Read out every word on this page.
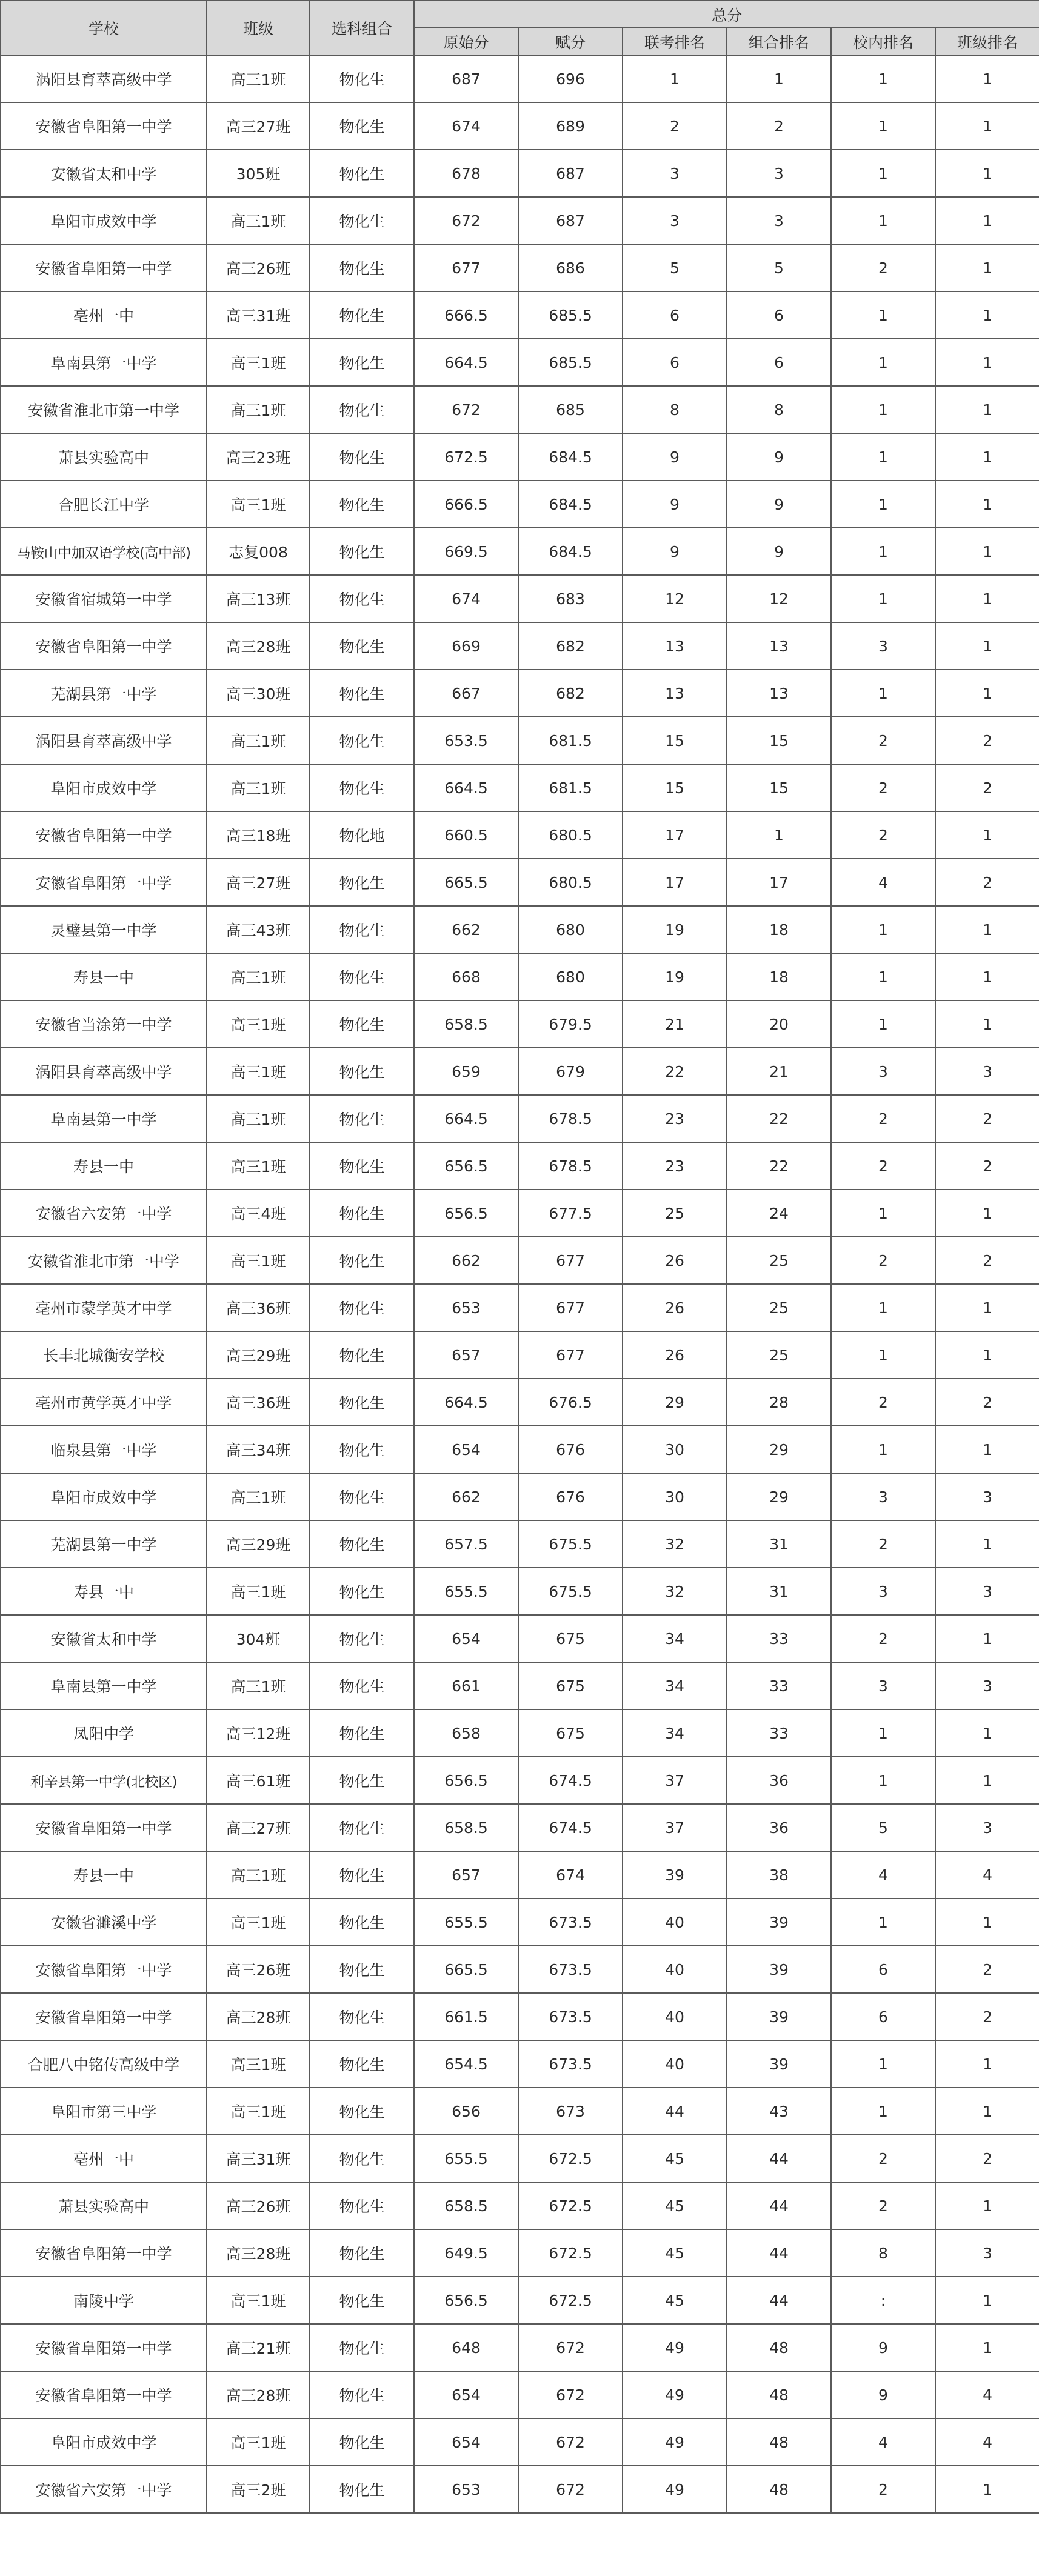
学校	班级	选科组合	总分					
			原始分	赋分	联考排名	组合排名	校内排名	班级排名
涡阳县育萃高级中学	高三1班	物化生	687	696	1	1	1	1
安徽省阜阳第一中学	高三27班	物化生	674	689	2	2	1	1
安徽省太和中学	305班	物化生	678	687	3	3	1	1
阜阳市成效中学	高三1班	物化生	672	687	3	3	1	1
安徽省阜阳第一中学	高三26班	物化生	677	686	5	5	2	1
亳州一中	高三31班	物化生	666.5	685.5	6	6	1	1
阜南县第一中学	高三1班	物化生	664.5	685.5	6	6	1	1
安徽省淮北市第一中学	高三1班	物化生	672	685	8	8	1	1
萧县实验高中	高三23班	物化生	672.5	684.5	9	9	1	1
合肥长江中学	高三1班	物化生	666.5	684.5	9	9	1	1
马鞍山中加双语学校(高中部)	志复008	物化生	669.5	684.5	9	9	1	1
安徽省宿城第一中学	高三13班	物化生	674	683	12	12	1	1
安徽省阜阳第一中学	高三28班	物化生	669	682	13	13	3	1
芜湖县第一中学	高三30班	物化生	667	682	13	13	1	1
涡阳县育萃高级中学	高三1班	物化生	653.5	681.5	15	15	2	2
阜阳市成效中学	高三1班	物化生	664.5	681.5	15	15	2	2
安徽省阜阳第一中学	高三18班	物化地	660.5	680.5	17	1	2	1
安徽省阜阳第一中学	高三27班	物化生	665.5	680.5	17	17	4	2
灵璧县第一中学	高三43班	物化生	662	680	19	18	1	1
寿县一中	高三1班	物化生	668	680	19	18	1	1
安徽省当涂第一中学	高三1班	物化生	658.5	679.5	21	20	1	1
涡阳县育萃高级中学	高三1班	物化生	659	679	22	21	3	3
阜南县第一中学	高三1班	物化生	664.5	678.5	23	22	2	2
寿县一中	高三1班	物化生	656.5	678.5	23	22	2	2
安徽省六安第一中学	高三4班	物化生	656.5	677.5	25	24	1	1
安徽省淮北市第一中学	高三1班	物化生	662	677	26	25	2	2
亳州市蒙学英才中学	高三36班	物化生	653	677	26	25	1	1
长丰北城衡安学校	高三29班	物化生	657	677	26	25	1	1
亳州市黄学英才中学	高三36班	物化生	664.5	676.5	29	28	2	2
临泉县第一中学	高三34班	物化生	654	676	30	29	1	1
阜阳市成效中学	高三1班	物化生	662	676	30	29	3	3
芜湖县第一中学	高三29班	物化生	657.5	675.5	32	31	2	1
寿县一中	高三1班	物化生	655.5	675.5	32	31	3	3
安徽省太和中学	304班	物化生	654	675	34	33	2	1
阜南县第一中学	高三1班	物化生	661	675	34	33	3	3
凤阳中学	高三12班	物化生	658	675	34	33	1	1
利辛县第一中学(北校区)	高三61班	物化生	656.5	674.5	37	36	1	1
安徽省阜阳第一中学	高三27班	物化生	658.5	674.5	37	36	5	3
寿县一中	高三1班	物化生	657	674	39	38	4	4
安徽省濉溪中学	高三1班	物化生	655.5	673.5	40	39	1	1
安徽省阜阳第一中学	高三26班	物化生	665.5	673.5	40	39	6	2
安徽省阜阳第一中学	高三28班	物化生	661.5	673.5	40	39	6	2
合肥八中铭传高级中学	高三1班	物化生	654.5	673.5	40	39	1	1
阜阳市第三中学	高三1班	物化生	656	673	44	43	1	1
亳州一中	高三31班	物化生	655.5	672.5	45	44	2	2
萧县实验高中	高三26班	物化生	658.5	672.5	45	44	2	1
安徽省阜阳第一中学	高三28班	物化生	649.5	672.5	45	44	8	3
南陵中学	高三1班	物化生	656.5	672.5	45	44	:	1
安徽省阜阳第一中学	高三21班	物化生	648	672	49	48	9	1
安徽省阜阳第一中学	高三28班	物化生	654	672	49	48	9	4
阜阳市成效中学	高三1班	物化生	654	672	49	48	4	4
安徽省六安第一中学	高三2班	物化生	653	672	49	48	2	1
